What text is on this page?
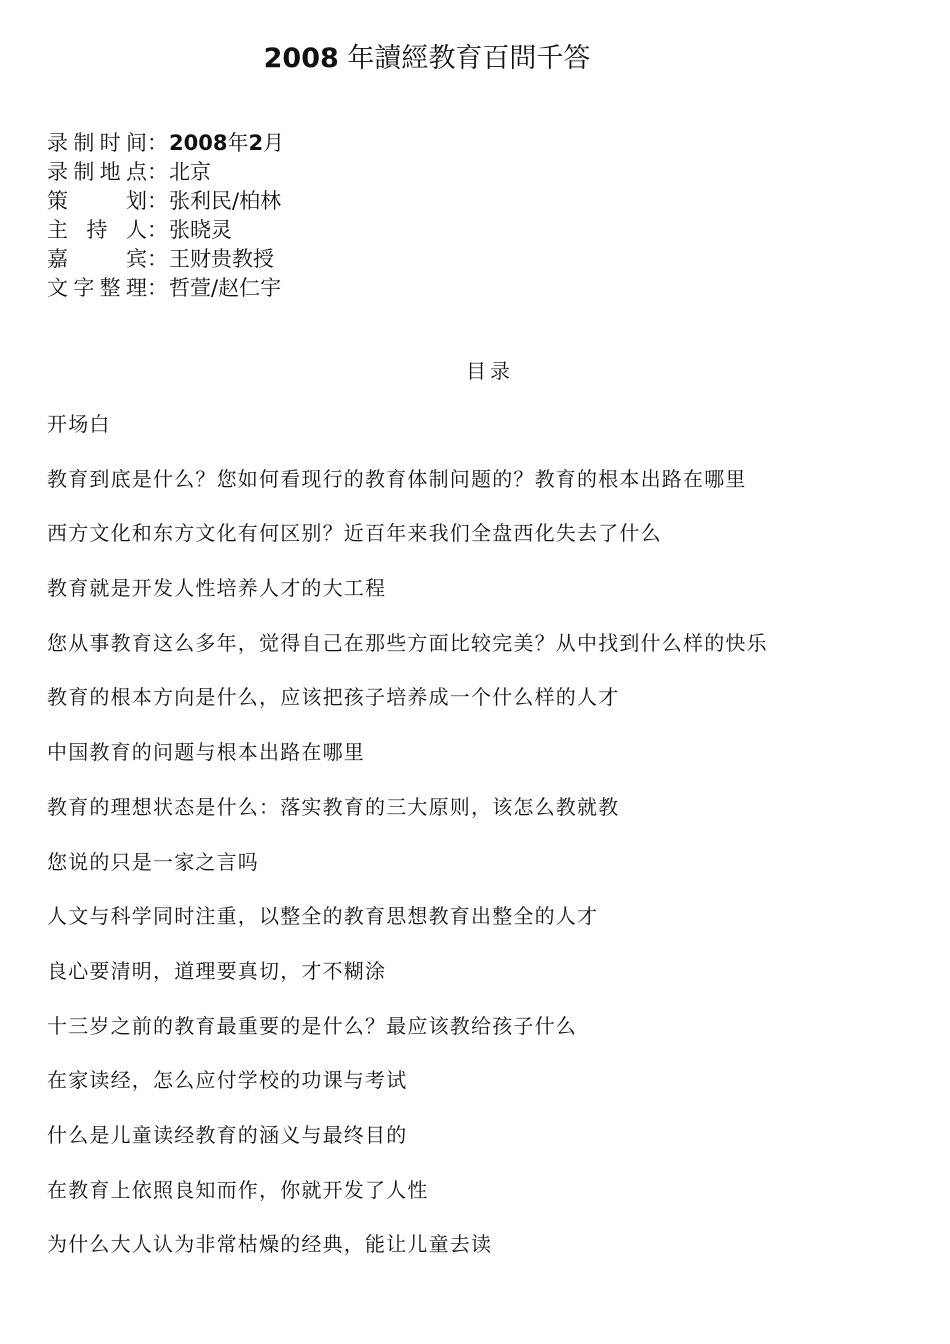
2008 年讀經教育百問千答
录制时间 ： 2008年2月
录制地点 ： 北京
策划 ： 张利民/柏林
主持人 ： 张晓灵
嘉宾 ： 王财贵教授
文字整理 ： 哲萱/赵仁宇
目录
开场白
教育到底是什么？您如何看现行的教育体制问题的？教育的根本出路在哪里
西方文化和东方文化有何区别？近百年来我们全盘西化失去了什么
教育就是开发人性培养人才的大工程
您从事教育这么多年，觉得自己在那些方面比较完美？从中找到什么样的快乐
教育的根本方向是什么，应该把孩子培养成一个什么样的人才
中国教育的问题与根本出路在哪里
教育的理想状态是什么：落实教育的三大原则，该怎么教就教
您说的只是一家之言吗
人文与科学同时注重，以整全的教育思想教育出整全的人才
良心要清明，道理要真切，才不糊涂
十三岁之前的教育最重要的是什么？最应该教给孩子什么
在家读经，怎么应付学校的功课与考试
什么是儿童读经教育的涵义与最终目的
在教育上依照良知而作，你就开发了人性
为什么大人认为非常枯燥的经典，能让儿童去读
